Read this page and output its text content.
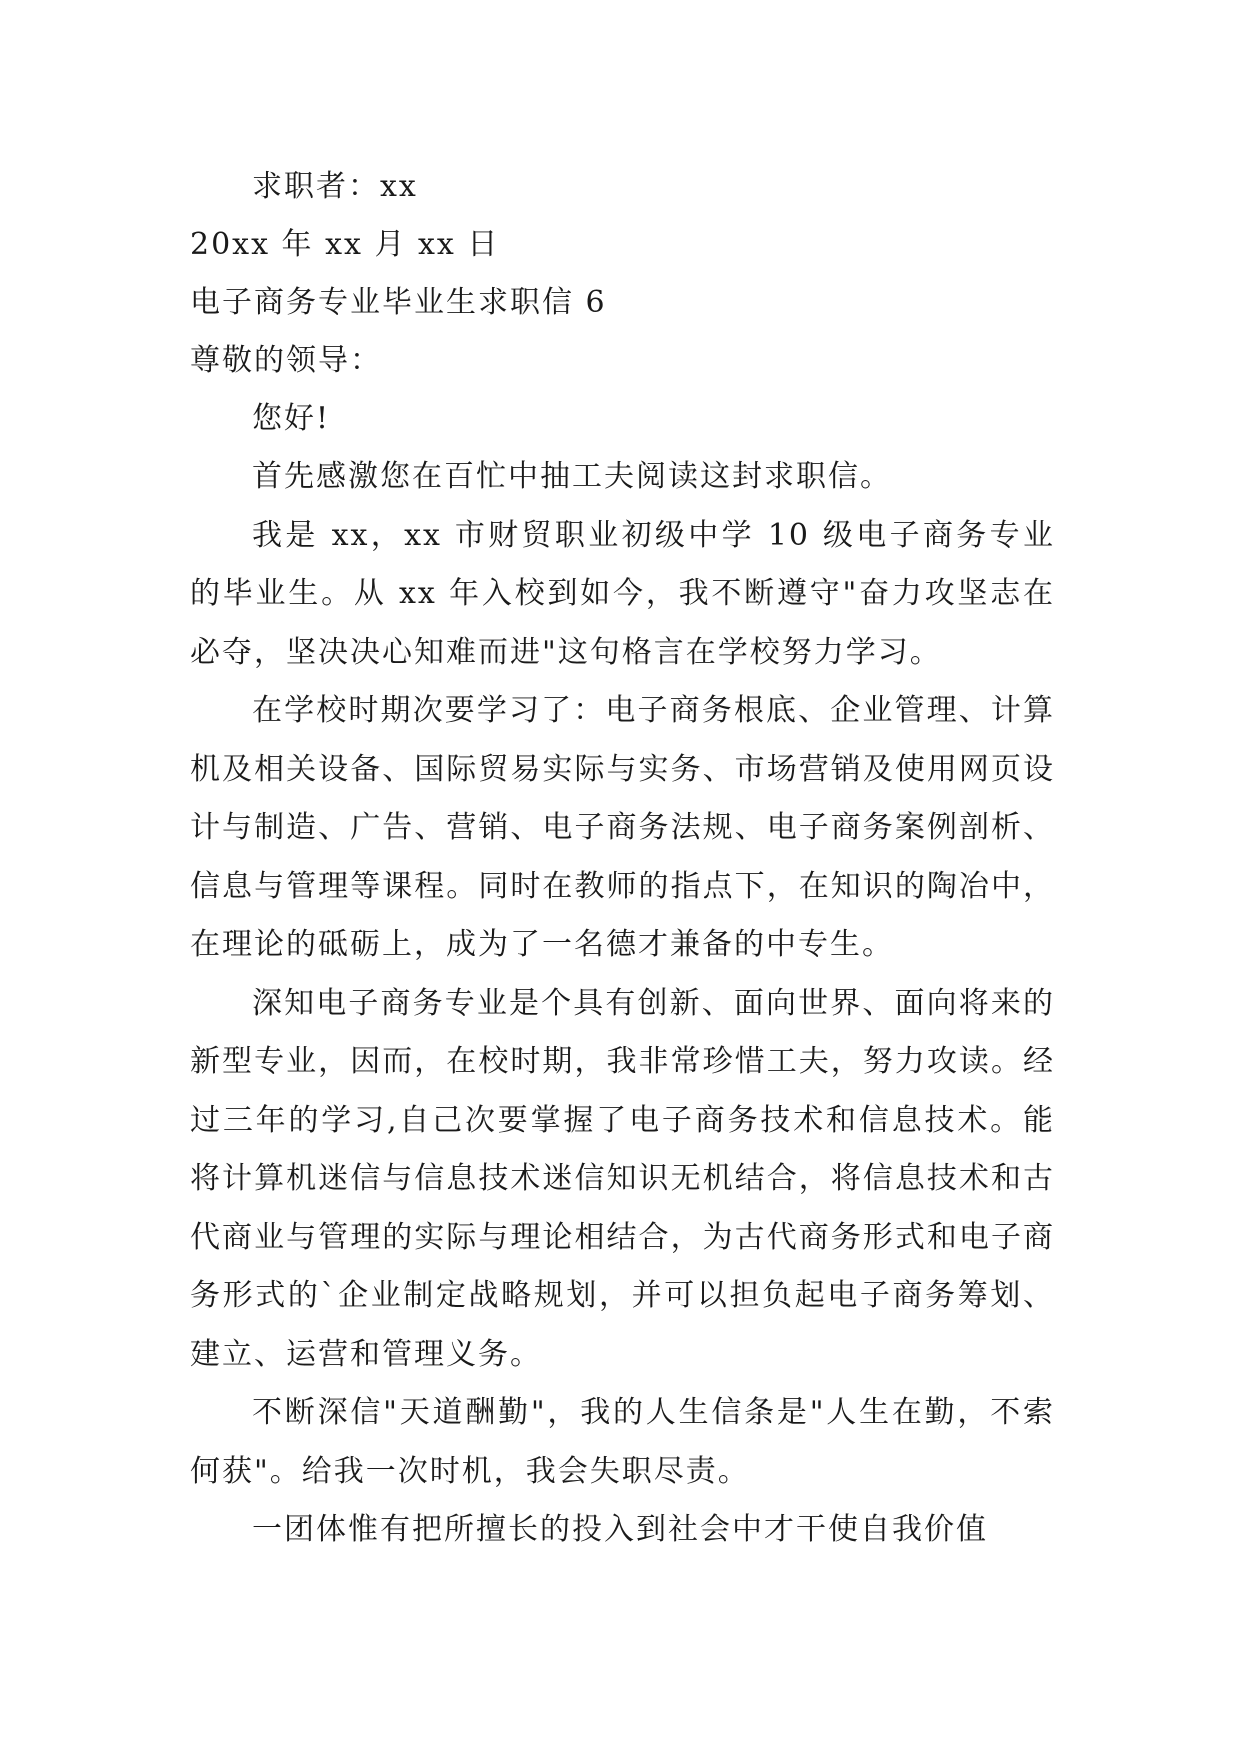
求职者：xx
20xx 年 xx 月 xx 日
电子商务专业毕业生求职信 6
尊敬的领导：
您好!

首先感激您在百忙中抽工夫阅读这封求职信。

我是 xx，xx 市财贸职业初级中学 10 级电子商务专业的毕业生。从 xx 年入校到如今，我不断遵守"奋力攻坚志在必夺，坚决决心知难而进"这句格言在学校努力学习。

在学校时期次要学习了：电子商务根底、企业管理、计算机及相关设备、国际贸易实际与实务、市场营销及使用网页设计与制造、广告、营销、电子商务法规、电子商务案例剖析、信息与管理等课程。同时在教师的指点下，在知识的陶冶中，在理论的砥砺上，成为了一名德才兼备的中专生。

深知电子商务专业是个具有创新、面向世界、面向将来的新型专业，因而，在校时期，我非常珍惜工夫，努力攻读。经过三年的学习,自己次要掌握了电子商务技术和信息技术。能将计算机迷信与信息技术迷信知识无机结合，将信息技术和古代商业与管理的实际与理论相结合，为古代商务形式和电子商务形式的`企业制定战略规划，并可以担负起电子商务筹划、建立、运营和管理义务。

不断深信"天道酬勤"，我的人生信条是"人生在勤，不索何获"。给我一次时机，我会失职尽责。

一团体惟有把所擅长的投入到社会中才干使自我价值
